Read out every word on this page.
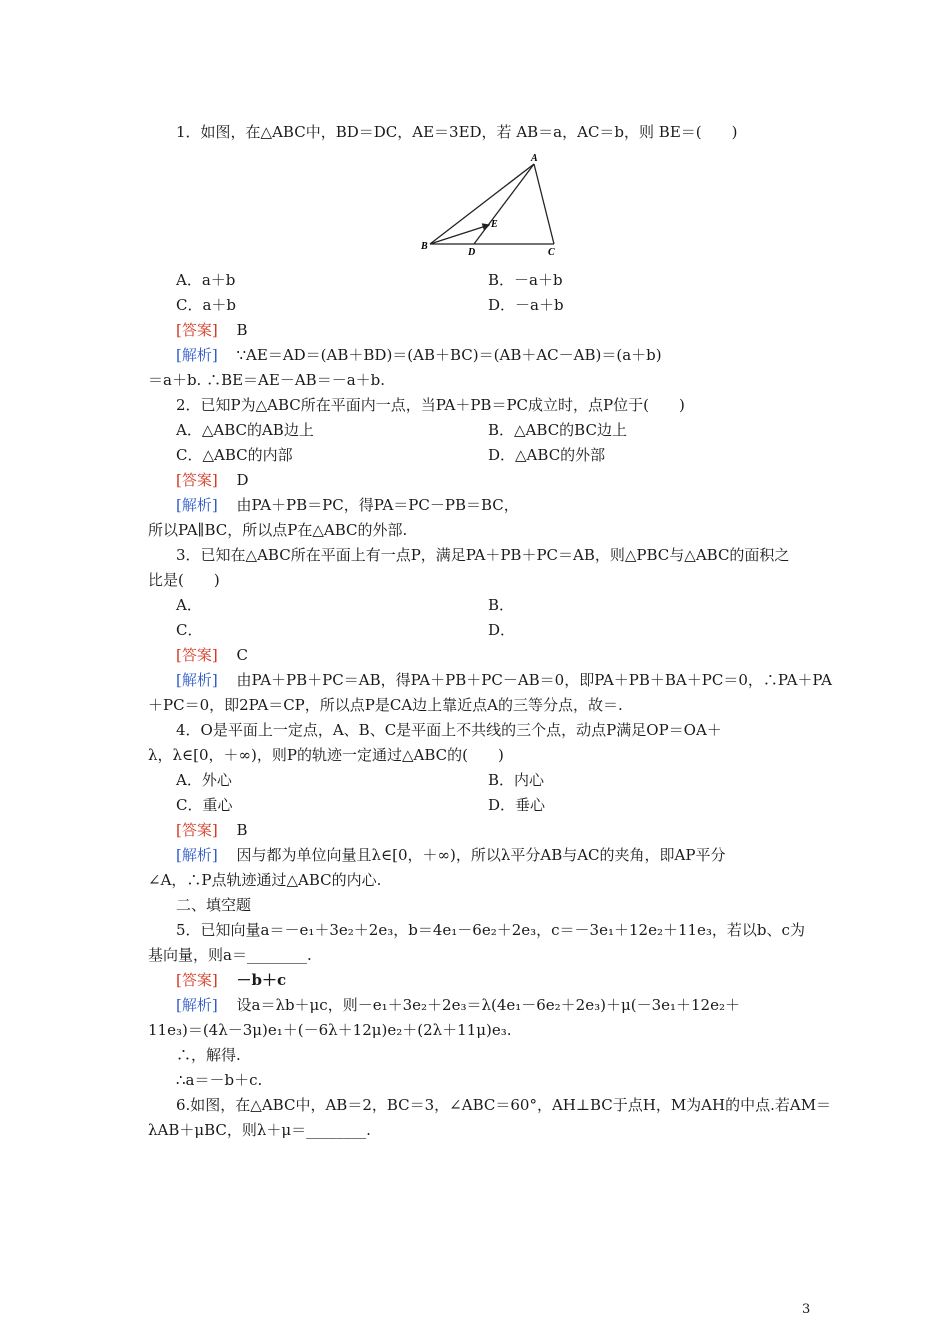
1．如图，在△ABC中，BD＝DC，AE＝3ED，若 AB＝a，AC＝b，则 BE＝(　　)
A
B
C
D
E
A．a＋b	B．－a＋b
C．a＋b	D．－a＋b
[答案] B
[解析] ∵AE＝AD＝(AB＋BD)＝(AB＋BC)＝(AB＋AC－AB)＝(a＋b)
＝a＋b. ∴BE＝AE－AB＝－a＋b.
2．已知P为△ABC所在平面内一点，当PA＋PB＝PC成立时，点P位于(　　)
A．△ABC的AB边上	B．△ABC的BC边上
C．△ABC的内部	D．△ABC的外部
[答案] D
[解析] 由PA＋PB＝PC，得PA＝PC－PB＝BC，
所以PA∥BC，所以点P在△ABC的外部.
3．已知在△ABC所在平面上有一点P，满足PA＋PB＋PC＝AB，则△PBC与△ABC的面积之
比是(　　)
A．	B．
C．	D．
[答案] C
[解析] 由PA＋PB＋PC＝AB，得PA＋PB＋PC－AB＝0，即PA＋PB＋BA＋PC＝0，∴PA＋PA
＋PC＝0，即2PA＝CP，所以点P是CA边上靠近点A的三等分点，故＝.
4．O是平面上一定点，A、B、C是平面上不共线的三个点，动点P满足OP＝OA＋
λ，λ∈[0，＋∞)，则P的轨迹一定通过△ABC的(　　)
A．外心	B．内心
C．重心	D．垂心
[答案] B
[解析] 因与都为单位向量且λ∈[0，＋∞)，所以λ平分AB与AC的夹角，即AP平分
∠A，∴P点轨迹通过△ABC的内心.
二、填空题
5．已知向量a＝－e₁＋3e₂＋2e₃，b＝4e₁－6e₂＋2e₃，c＝－3e₁＋12e₂＋11e₃，若以b、c为
基向量，则a＝________.
[答案] －b＋c
[解析] 设a＝λb＋μc，则－e₁＋3e₂＋2e₃＝λ(4e₁－6e₂＋2e₃)＋μ(－3e₁＋12e₂＋
11e₃)＝(4λ－3μ)e₁＋(－6λ＋12μ)e₂＋(2λ＋11μ)e₃.
∴，解得.
∴a＝－b＋c.
6.如图，在△ABC中，AB＝2，BC＝3，∠ABC＝60°，AH⊥BC于点H，M为AH的中点.若AM＝
λAB＋μBC，则λ＋μ＝________.
3
